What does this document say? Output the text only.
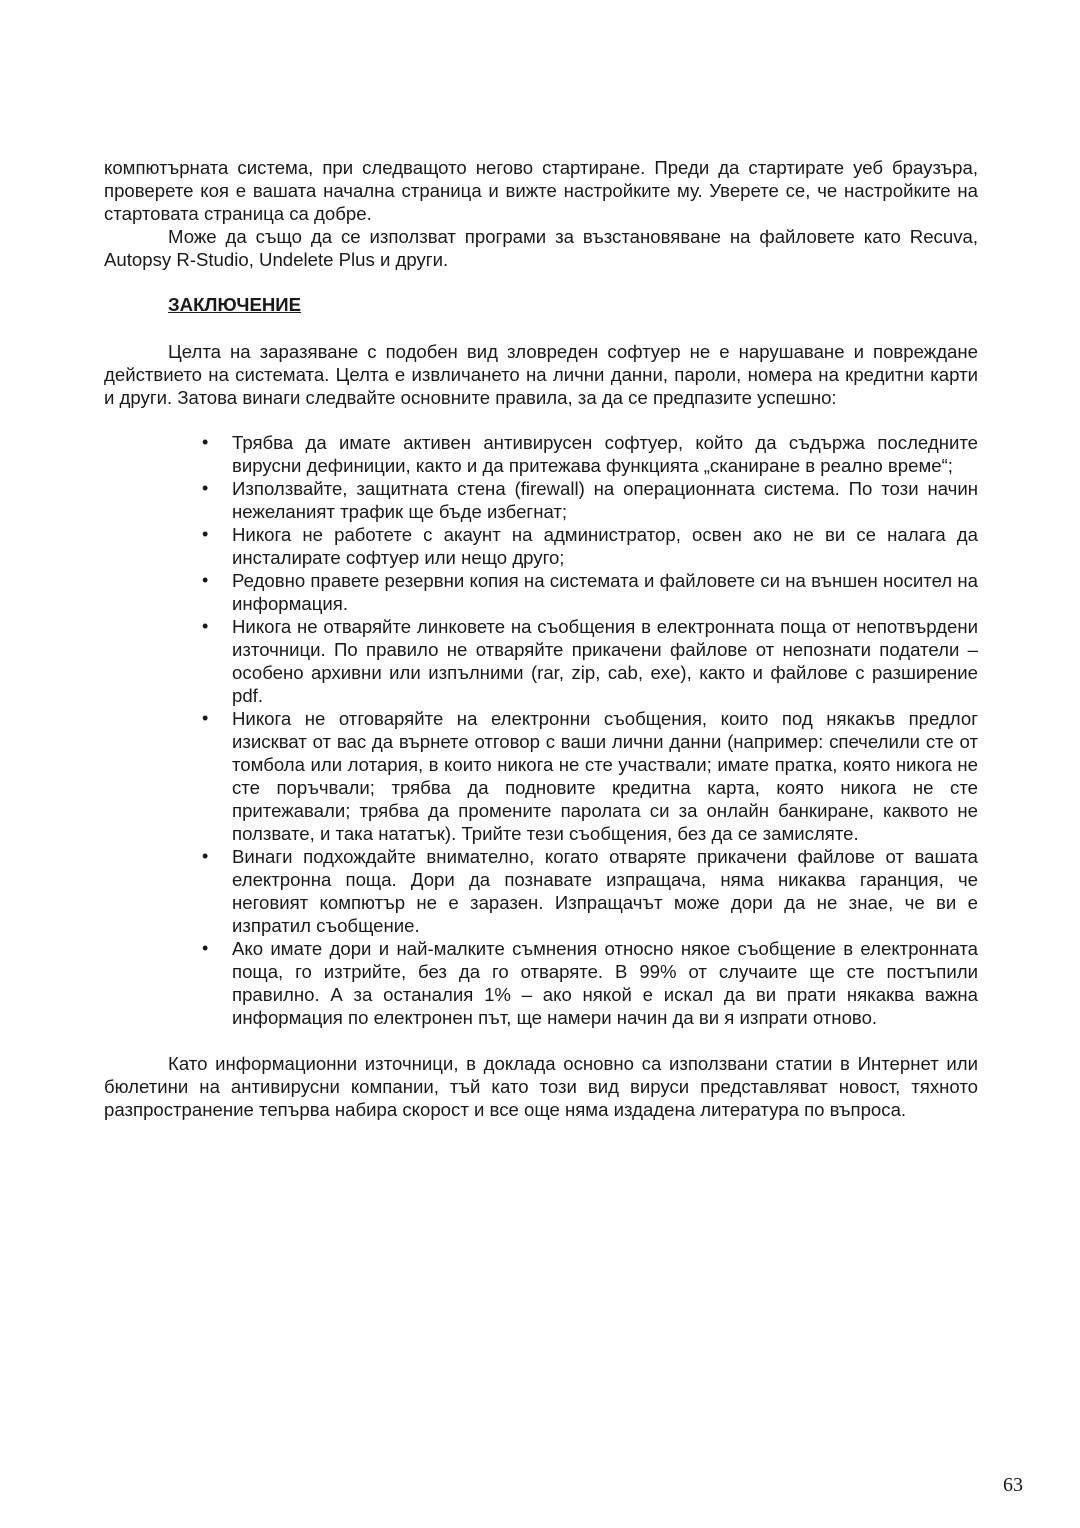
компютърната система, при следващото негово стартиране. Преди да стартирате уеб браузъра, проверете коя е вашата начална страница и вижте настройките му. Уверете се, че настройките на стартовата страница са добре.

Може да също да се използват програми за възстановяване на файловете като Recuva, Autopsy R-Studio, Undelete Plus и други.

ЗАКЛЮЧЕНИЕ

Целта на заразяване с подобен вид зловреден софтуер не е нарушаване и повреждане действието на системата. Целта е извличането на лични данни, пароли, номера на кредитни карти и други. Затова винаги следвайте основните правила, за да се предпазите успешно:

• Трябва да имате активен антивирусен софтуер, който да съдържа последните вирусни дефиниции, както и да притежава функцията „сканиране в реално време“;
• Използвайте, защитната стена (firewall) на операционната система. По този начин нежеланият трафик ще бъде избегнат;
• Никога не работете с акаунт на администратор, освен ако не ви се налага да инсталирате софтуер или нещо друго;
• Редовно правете резервни копия на системата и файловете си на външен носител на информация.
• Никога не отваряйте линковете на съобщения в електронната поща от непотвърдени източници. По правило не отваряйте прикачени файлове от непознати податели – особено архивни или изпълними (rar, zip, cab, exe), както и файлове с разширение pdf.
• Никога не отговаряйте на електронни съобщения, които под някакъв предлог изискват от вас да върнете отговор с ваши лични данни (например: спечелили сте от томбола или лотария, в които никога не сте участвали; имате пратка, която никога не сте поръчвали; трябва да подновите кредитна карта, която никога не сте притежавали; трябва да промените паролата си за онлайн банкиране, каквото не ползвате, и така нататък). Трийте тези съобщения, без да се замисляте.
• Винаги подхождайте внимателно, когато отваряте прикачени файлове от вашата електронна поща. Дори да познавате изпращача, няма никаква гаранция, че неговият компютър не е заразен. Изпращачът може дори да не знае, че ви е изпратил съобщение.
• Ако имате дори и най-малките съмнения относно някое съобщение в електронната поща, го изтрийте, без да го отваряте. В 99% от случаите ще сте постъпили правилно. А за останалия 1% – ако някой е искал да ви прати някаква важна информация по електронен път, ще намери начин да ви я изпрати отново.

Като информационни източници, в доклада основно са използвани статии в Интернет или бюлетини на антивирусни компании, тъй като този вид вируси представляват новост, тяхното разпространение тепърва набира скорост и все още няма издадена литература по въпроса.

63
